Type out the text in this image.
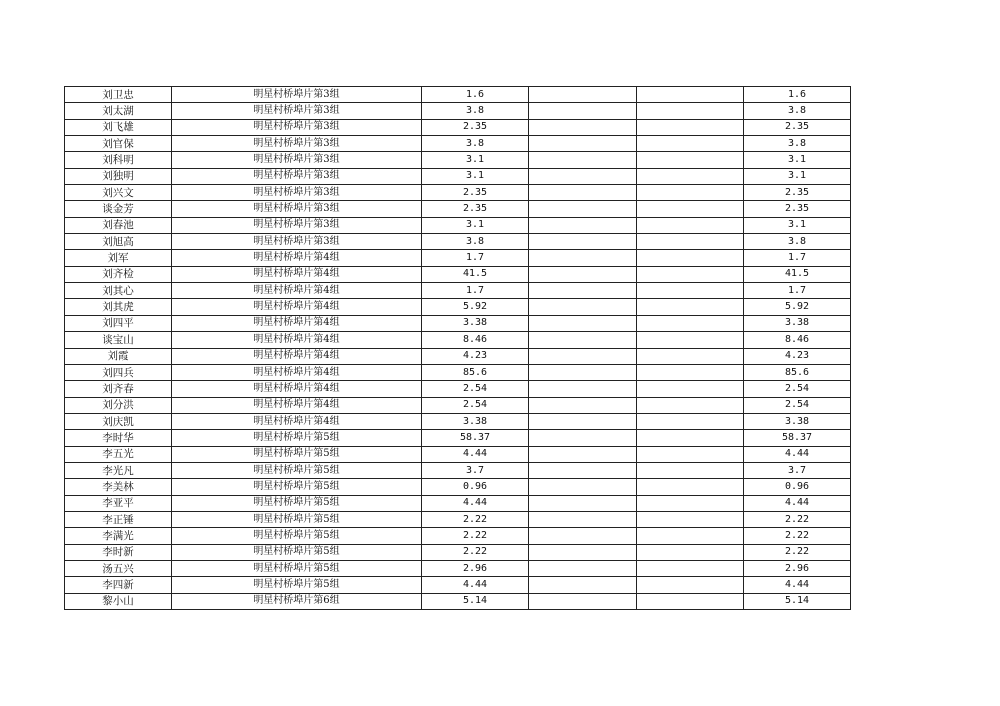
刘卫忠	明星村桥埠片第3组	1.6			1.6
刘太湖	明星村桥埠片第3组	3.8			3.8
刘飞雄	明星村桥埠片第3组	2.35			2.35
刘官保	明星村桥埠片第3组	3.8			3.8
刘科明	明星村桥埠片第3组	3.1			3.1
刘独明	明星村桥埠片第3组	3.1			3.1
刘兴文	明星村桥埠片第3组	2.35			2.35
谈金芳	明星村桥埠片第3组	2.35			2.35
刘春池	明星村桥埠片第3组	3.1			3.1
刘旭高	明星村桥埠片第3组	3.8			3.8
刘军	明星村桥埠片第4组	1.7			1.7
刘齐检	明星村桥埠片第4组	41.5			41.5
刘其心	明星村桥埠片第4组	1.7			1.7
刘其虎	明星村桥埠片第4组	5.92			5.92
刘四平	明星村桥埠片第4组	3.38			3.38
谈宝山	明星村桥埠片第4组	8.46			8.46
刘霞	明星村桥埠片第4组	4.23			4.23
刘四兵	明星村桥埠片第4组	85.6			85.6
刘齐春	明星村桥埠片第4组	2.54			2.54
刘分洪	明星村桥埠片第4组	2.54			2.54
刘庆凯	明星村桥埠片第4组	3.38			3.38
李时华	明星村桥埠片第5组	58.37			58.37
李五光	明星村桥埠片第5组	4.44			4.44
李光凡	明星村桥埠片第5组	3.7			3.7
李美林	明星村桥埠片第5组	0.96			0.96
李亚平	明星村桥埠片第5组	4.44			4.44
李正锤	明星村桥埠片第5组	2.22			2.22
李满光	明星村桥埠片第5组	2.22			2.22
李时新	明星村桥埠片第5组	2.22			2.22
汤五兴	明星村桥埠片第5组	2.96			2.96
李四新	明星村桥埠片第5组	4.44			4.44
黎小山	明星村桥埠片第6组	5.14			5.14
